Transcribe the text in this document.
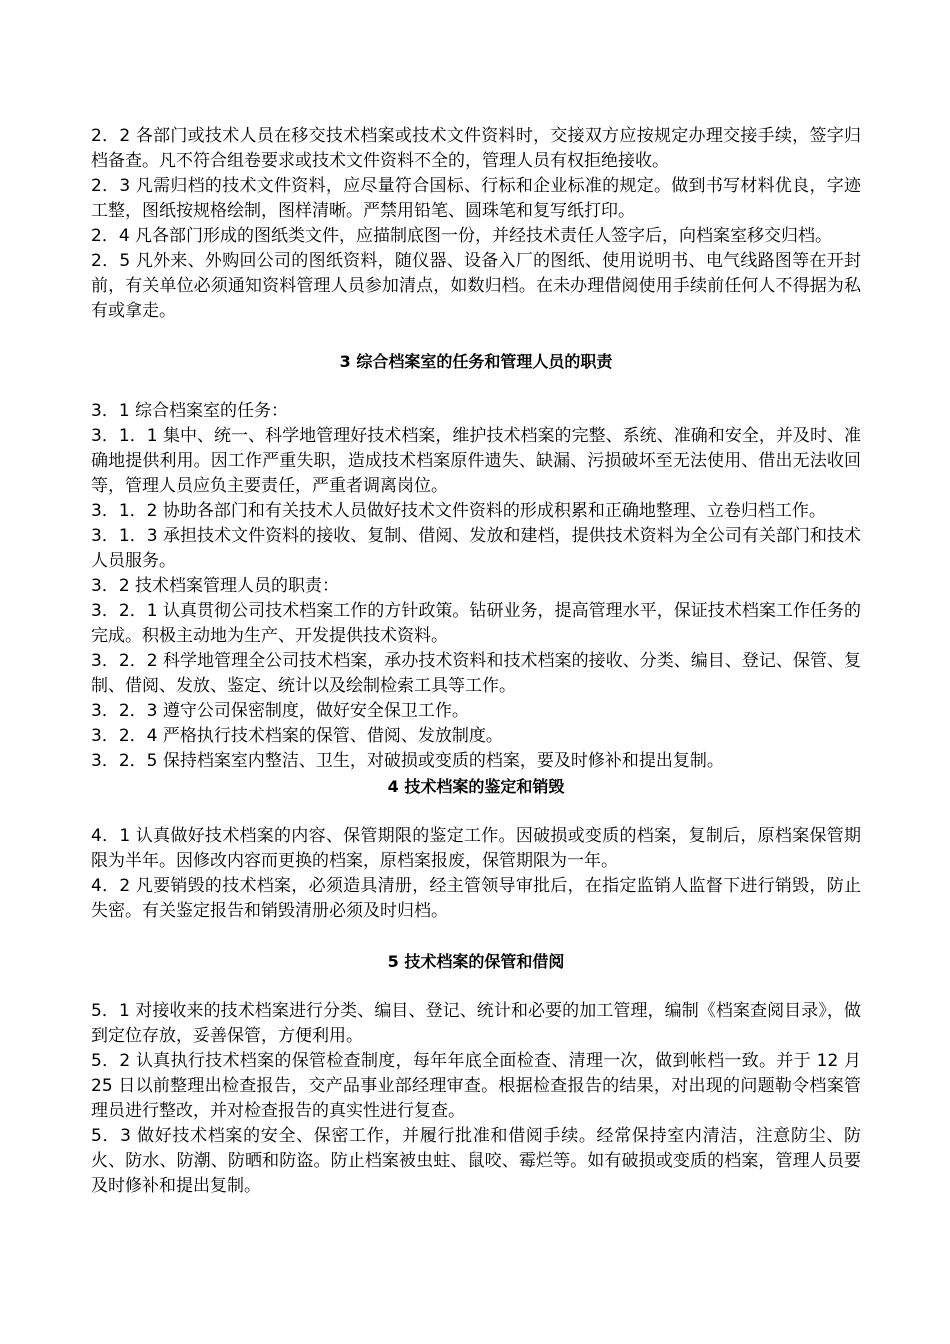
2．2 各部门或技术人员在移交技术档案或技术文件资料时，交接双方应按规定办理交接手续，签字归档备查。凡不符合组卷要求或技术文件资料不全的，管理人员有权拒绝接收。

2．3 凡需归档的技术文件资料，应尽量符合国标、行标和企业标准的规定。做到书写材料优良，字迹工整，图纸按规格绘制，图样清晰。严禁用铅笔、圆珠笔和复写纸打印。

2．4 凡各部门形成的图纸类文件，应描制底图一份，并经技术责任人签字后，向档案室移交归档。

2．5 凡外来、外购回公司的图纸资料，随仪器、设备入厂的图纸、使用说明书、电气线路图等在开封前，有关单位必须通知资料管理人员参加清点，如数归档。在未办理借阅使用手续前任何人不得据为私有或拿走。

3 综合档案室的任务和管理人员的职责

3．1 综合档案室的任务：

3．1．1 集中、统一、科学地管理好技术档案，维护技术档案的完整、系统、准确和安全，并及时、准确地提供利用。因工作严重失职，造成技术档案原件遗失、缺漏、污损破坏至无法使用、借出无法收回等，管理人员应负主要责任，严重者调离岗位。

3．1．2 协助各部门和有关技术人员做好技术文件资料的形成积累和正确地整理、立卷归档工作。

3．1．3 承担技术文件资料的接收、复制、借阅、发放和建档，提供技术资料为全公司有关部门和技术人员服务。

3．2 技术档案管理人员的职责：

3．2．1 认真贯彻公司技术档案工作的方针政策。钻研业务，提高管理水平，保证技术档案工作任务的完成。积极主动地为生产、开发提供技术资料。

3．2．2 科学地管理全公司技术档案，承办技术资料和技术档案的接收、分类、编目、登记、保管、复制、借阅、发放、鉴定、统计以及绘制检索工具等工作。

3．2．3 遵守公司保密制度，做好安全保卫工作。

3．2．4 严格执行技术档案的保管、借阅、发放制度。

3．2．5 保持档案室内整洁、卫生，对破损或变质的档案，要及时修补和提出复制。

4 技术档案的鉴定和销毁

4．1 认真做好技术档案的内容、保管期限的鉴定工作。因破损或变质的档案，复制后，原档案保管期限为半年。因修改内容而更换的档案，原档案报废，保管期限为一年。

4．2 凡要销毁的技术档案，必须造具清册，经主管领导审批后，在指定监销人监督下进行销毁，防止失密。有关鉴定报告和销毁清册必须及时归档。

5 技术档案的保管和借阅

5．1 对接收来的技术档案进行分类、编目、登记、统计和必要的加工管理，编制《档案查阅目录》，做到定位存放，妥善保管，方便利用。

5．2 认真执行技术档案的保管检查制度，每年年底全面检查、清理一次，做到帐档一致。并于 12 月 25 日以前整理出检查报告，交产品事业部经理审查。根据检查报告的结果，对出现的问题勒令档案管理员进行整改，并对检查报告的真实性进行复查。

5．3 做好技术档案的安全、保密工作，并履行批准和借阅手续。经常保持室内清洁，注意防尘、防火、防水、防潮、防晒和防盗。防止档案被虫蛀、鼠咬、霉烂等。如有破损或变质的档案，管理人员要及时修补和提出复制。
